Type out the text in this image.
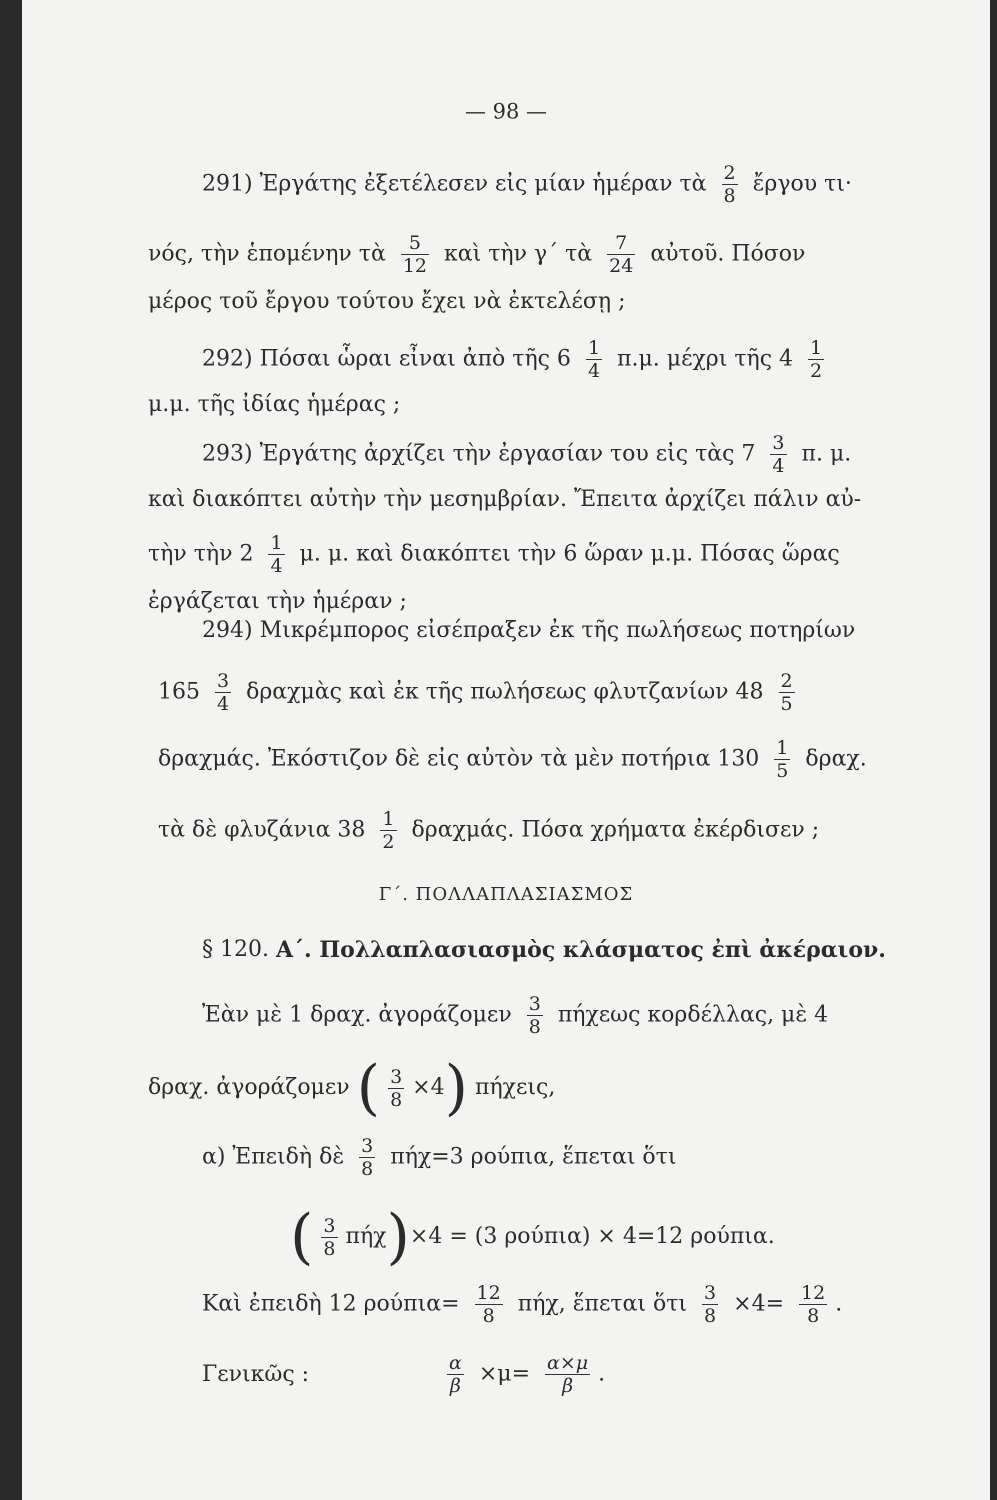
— 98 —
291) Ἐργάτης ἐξετέλεσεν εἰς μίαν ἡμέραν τὰ $\frac{2}{8}$ ἔργου τι·
νός, τὴν ἑπομένην τὰ $\frac{5}{12}$ καὶ τὴν γ΄ τὰ $\frac{7}{24}$ αὐτοῦ. Πόσον
μέρος τοῦ ἔργου τούτου ἔχει νὰ ἐκτελέσῃ ;
292) Πόσαι ὧραι εἶναι ἀπὸ τῆς $6 \frac{1}{4} \pi.\mu$. μέχρι τῆς $4 \frac{1}{2}$
μ.μ. τῆς ἰδίας ἡμέρας ;
293) Ἐργάτης ἀρχίζει τὴν ἐργασίαν του εἰς τὰς $7 \frac{3}{4} \pi$. μ.
καὶ διακόπτει αὐτὴν τὴν μεσημβρίαν. Ἔπειτα ἀρχίζει πάλιν αὐ-
τὴν τὴν $2 \frac{1}{4} \mu$. μ. καὶ διακόπτει τὴν 6 ὥραν μ.μ. Πόσας ὥρας
ἐργάζεται τὴν ἡμέραν ;
294) Μικρέμπορος εἰσέπραξεν ἐκ τῆς πωλήσεως ποτηρίων
$165 \frac{3}{4}$ δραχμὰς καὶ ἐκ τῆς πωλήσεως φλυτζανίων $48 \frac{2}{5}$
δραχμάς. Ἐκόστιζον δὲ εἰς αὐτὸν τὰ μὲν ποτήρια $130 \frac{1}{5} \delta\rho\alpha\chi$.
τὰ δὲ φλυζάνια $38 \frac{1}{2} \delta\rho\alpha\chi\mu ά\varsigma$. Πόσα χρήματα ἐκέρδισεν ;
Γ΄. ΠΟΛΛΑΠΛΑΣΙΑΣΜΟΣ
§ 120. Α΄. Πολλαπλασιασμὸς κλάσματος ἐπὶ ἀκέραιον.
Ἐὰν μὲ 1 δραχ. ἀγοράζομεν $\frac{3}{8}$ πήχεως κορδέλλας, μὲ 4
δραχ. ἀγοράζομεν ( $\frac{3}{8} \times 4$) πήχεις,
α) Ἐπειδὴ δὲ $\frac{3}{8} \pi ή\chi=3$ ρούπια, ἕπεται ὅτι
( $\frac{3}{8} \pi ή\chi)\times 4 = (3$ ρούπια) × 4=12 ρούπια.
Καὶ ἐπειδὴ 12 $\rho oύ\pi\iota\alpha= \frac{12}{8} \pi ή\chi$, ἕπεται ὅτι $\frac{3}{8} \times 4= \frac{12}{8}$ .
Γενικῶς :	$\frac{\alpha}{\beta} \times\mu= \frac{\alpha\times\mu}{\beta}$ .
